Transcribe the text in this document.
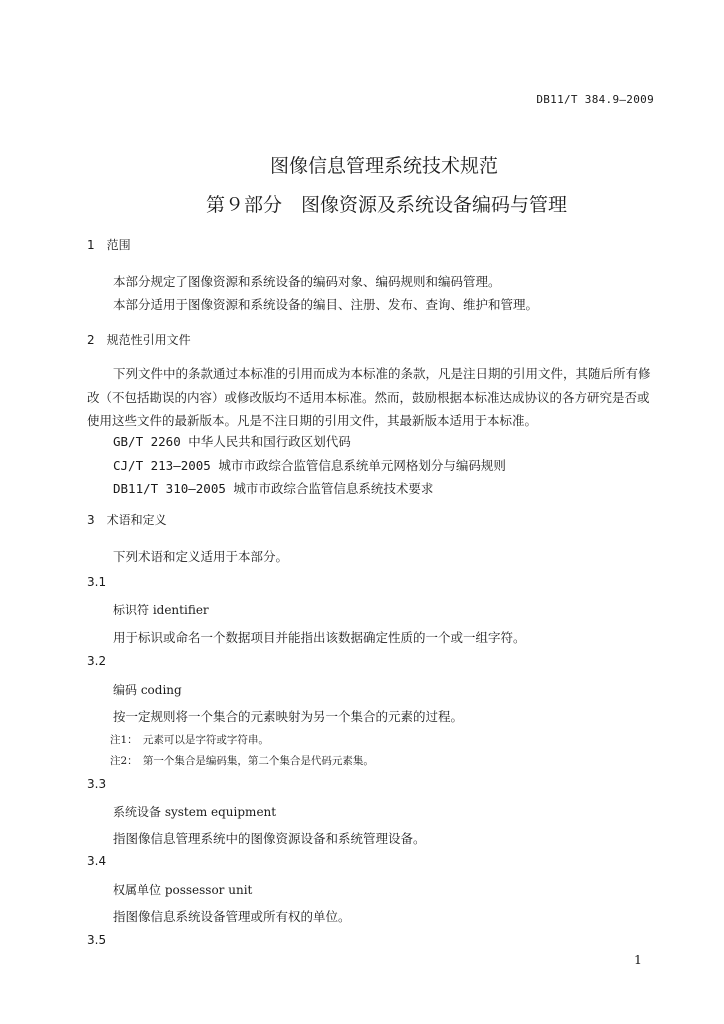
DB11/T 384.9—2009
图像信息管理系统技术规范
第９部分　图像资源及系统设备编码与管理
1　范围
本部分规定了图像资源和系统设备的编码对象、编码规则和编码管理。
本部分适用于图像资源和系统设备的编目、注册、发布、查询、维护和管理。
2　规范性引用文件
下列文件中的条款通过本标准的引用而成为本标准的条款，凡是注日期的引用文件，其随后所有修改（不包括勘误的内容）或修改版均不适用本标准。然而，鼓励根据本标准达成协议的各方研究是否或使用这些文件的最新版本。凡是不注日期的引用文件，其最新版本适用于本标准。
GB/T 2260 中华人民共和国行政区划代码
CJ/T 213—2005 城市市政综合监管信息系统单元网格划分与编码规则
DB11/T 310—2005 城市市政综合监管信息系统技术要求
3　术语和定义
下列术语和定义适用于本部分。
3.1
标识符 identifier
用于标识或命名一个数据项目并能指出该数据确定性质的一个或一组字符。
3.2
编码 coding
按一定规则将一个集合的元素映射为另一个集合的元素的过程。
注1：　元素可以是字符或字符串。
注2：　第一个集合是编码集，第二个集合是代码元素集。
3.3
系统设备 system equipment
指图像信息管理系统中的图像资源设备和系统管理设备。
3.4
权属单位 possessor unit
指图像信息系统设备管理或所有权的单位。
3.5
1
